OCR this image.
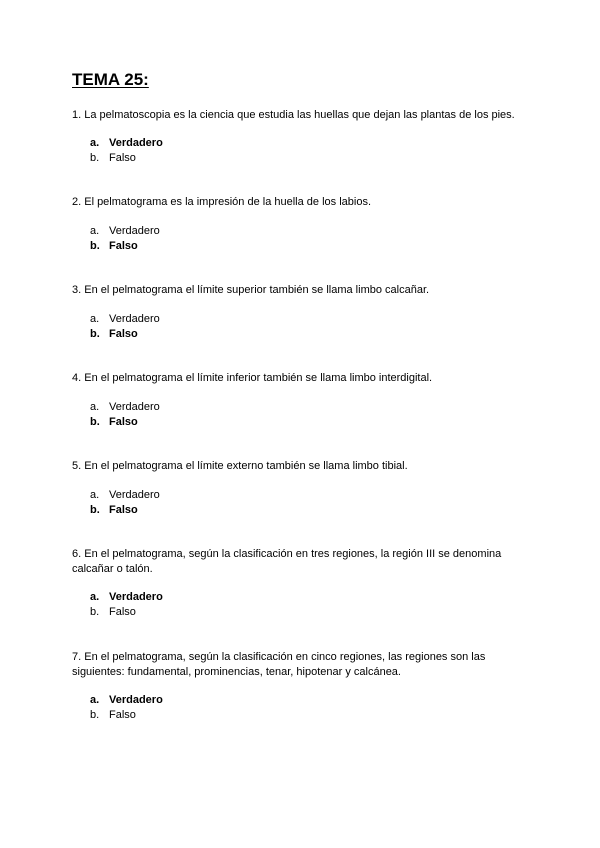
TEMA 25:

1. La pelmatoscopia es la ciencia que estudia las huellas que dejan las plantas de los pies.

a. Verdadero
b. Falso

2. El pelmatograma es la impresión de la huella de los labios.

a. Verdadero
b. Falso

3. En el pelmatograma el límite superior también se llama limbo calcañar.

a. Verdadero
b. Falso

4. En el pelmatograma el límite inferior también se llama limbo interdigital.

a. Verdadero
b. Falso

5. En el pelmatograma el límite externo también se llama limbo tibial.

a. Verdadero
b. Falso

6. En el pelmatograma, según la clasificación en tres regiones, la región III se denomina calcañar o talón.

a. Verdadero
b. Falso

7. En el pelmatograma, según la clasificación en cinco regiones, las regiones son las siguientes: fundamental, prominencias, tenar, hipotenar y calcánea.

a. Verdadero
b. Falso
